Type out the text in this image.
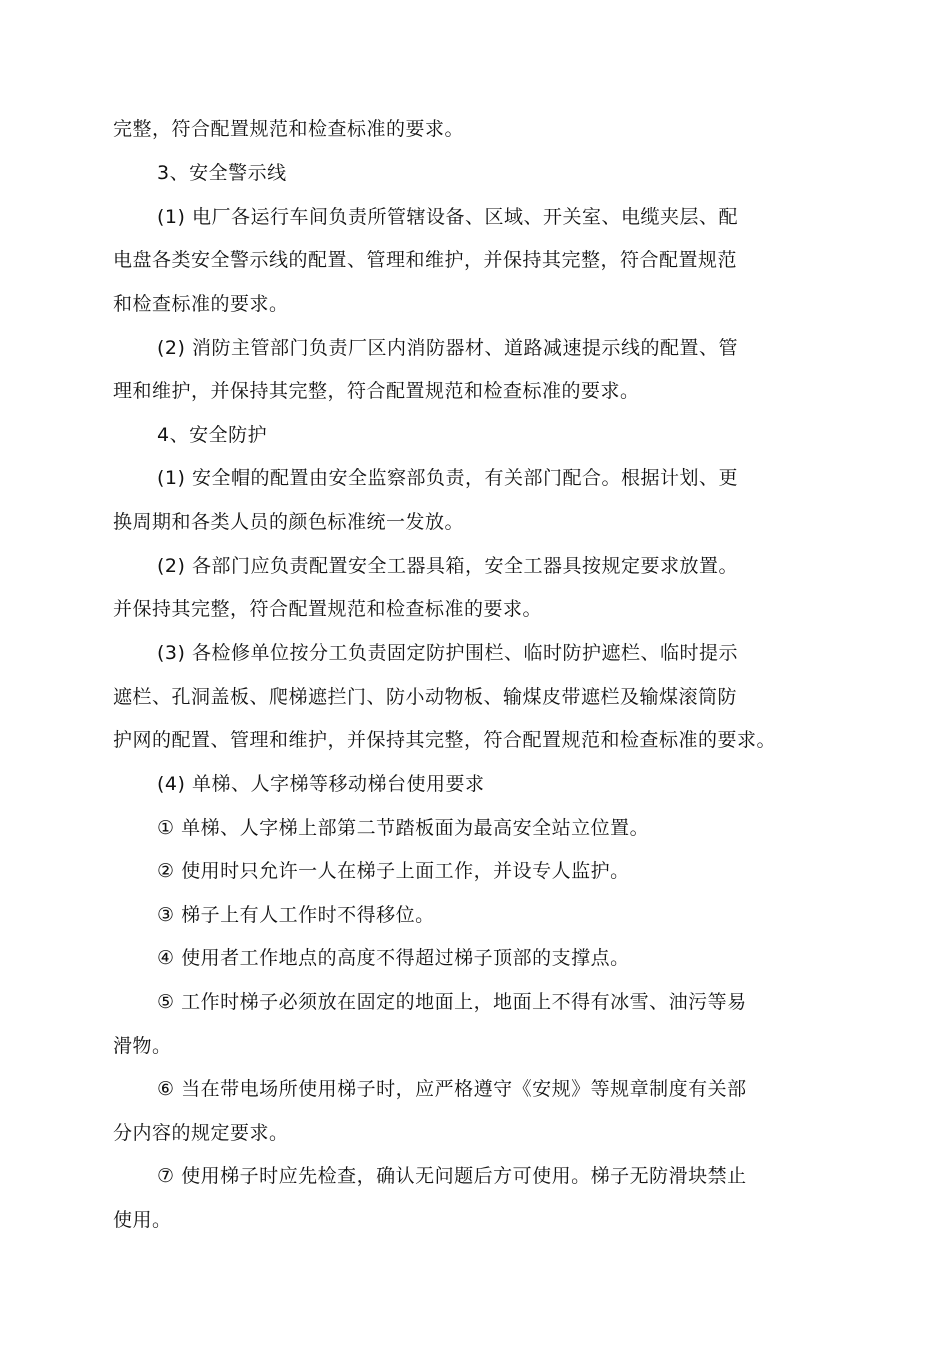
完整，符合配置规范和检查标准的要求。
3、安全警示线
(1) 电厂各运行车间负责所管辖设备、区域、开关室、电缆夹层、配
电盘各类安全警示线的配置、管理和维护，并保持其完整，符合配置规范
和检查标准的要求。
(2) 消防主管部门负责厂区内消防器材、道路减速提示线的配置、管
理和维护，并保持其完整，符合配置规范和检查标准的要求。
4、安全防护
(1) 安全帽的配置由安全监察部负责，有关部门配合。根据计划、更
换周期和各类人员的颜色标准统一发放。
(2) 各部门应负责配置安全工器具箱，安全工器具按规定要求放置。
并保持其完整，符合配置规范和检查标准的要求。
(3) 各检修单位按分工负责固定防护围栏、临时防护遮栏、临时提示
遮栏、孔洞盖板、爬梯遮拦门、防小动物板、输煤皮带遮栏及输煤滚筒防
护网的配置、管理和维护，并保持其完整，符合配置规范和检查标准的要求。
(4) 单梯、人字梯等移动梯台使用要求
① 单梯、人字梯上部第二节踏板面为最高安全站立位置。
② 使用时只允许一人在梯子上面工作，并设专人监护。
③ 梯子上有人工作时不得移位。
④ 使用者工作地点的高度不得超过梯子顶部的支撑点。
⑤ 工作时梯子必须放在固定的地面上，地面上不得有冰雪、油污等易
滑物。
⑥ 当在带电场所使用梯子时，应严格遵守《安规》等规章制度有关部
分内容的规定要求。
⑦ 使用梯子时应先检查，确认无问题后方可使用。梯子无防滑块禁止
使用。
